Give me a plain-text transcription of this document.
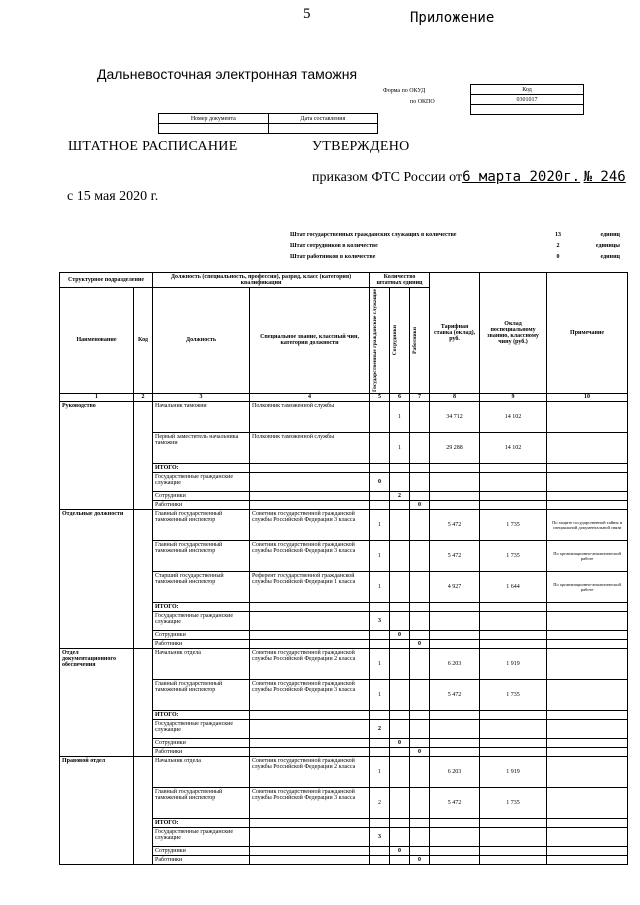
5	Приложение
Дальневосточная электронная таможня
Форма по ОКУД
по ОКПО
Код
0301017

Номер документа	Дата составления

ШТАТНОЕ РАСПИСАНИЕ	УТВЕРЖДЕНО
приказом ФТС России от6 марта 2020г. № 246
с 15 мая 2020 г.
Штат государственных гражданских служащих в количестве	13	единиц
Штат сотрудников в количестве	2	единицы
Штат работников в количестве	0	единиц
Структурное подразделение		Должность (специальность, профессия), разряд, класс (категория) квалификации		Количество штатных единиц			Тарифная ставка (оклад), руб.	Оклад поспециальному званию, классному чину (руб.)	Примечание
Наименование	Код	Должность	Специальное звание, классный чин, категория должности	Государственные гражданские служащие	Сотрудники	Работники			

1	2	3	4	5	6	7	8	9	10
Руководство		Начальник таможни	Полковник таможенной службы		1		34 712	14 102	
		Первый заместитель начальника таможни	Полковник таможенной службы		1		29 288	14 102	
		ИТОГО:							
		Государственные гражданские служащие		0					
		Сотрудники			2				
		Работники				0			
Отдельные должности		Главный государственный таможенный инспектор	Советник государственной гражданской службы Российской Федерации 3 класса	1			5 472	1 735	По защите государственной тайны и специальной документальной связи
		Главный государственный таможенный инспектор	Советник государственной гражданской службы Российской Федерации 3 класса	1			5 472	1 735	По организационно-аналитической работе
		Старший государственный таможенный инспектор	Референт государственной гражданской службы Российской Федерации 1 класса	1			4 927	1 644	По организационно-аналитической работе
		ИТОГО:							
		Государственные гражданские служащие		3					
		Сотрудники			0				
		Работники				0			
Отдел документационного обеспечения		Начальник отдела	Советник государственной гражданской службы Российской Федерации 2 класса	1			6 203	1 919	
		Главный государственный таможенный инспектор	Советник государственной гражданской службы Российской Федерации 3 класса	1			5 472	1 735	
		ИТОГО:							
		Государственные гражданские служащие		2					
		Сотрудники			0				
		Работники				0			
Правовой отдел		Начальник отдела	Советник государственной гражданской службы Российской Федерации 2 класса	1			6 203	1 919	
		Главный государственный таможенный инспектор	Советник государственной гражданской службы Российской Федерации 3 класса	2			5 472	1 735	
		ИТОГО:							
		Государственные гражданские служащие		3					
		Сотрудники			0				
		Работники				0			
